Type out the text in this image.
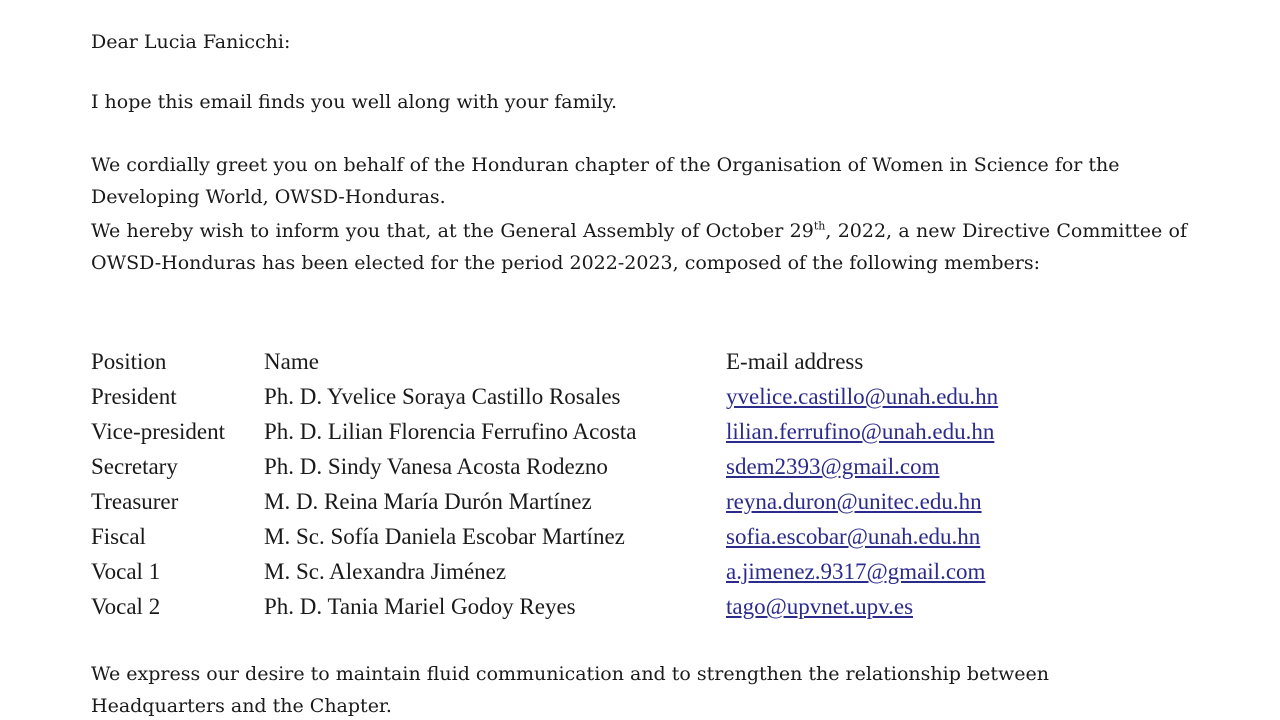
Dear Lucia Fanicchi:

I hope this email finds you well along with your family.

We cordially greet you on behalf of the Honduran chapter of the Organisation of Women in Science for the Developing World, OWSD-Honduras.

We hereby wish to inform you that, at the General Assembly of October 29th, 2022, a new Directive Committee of OWSD-Honduras has been elected for the period 2022-2023, composed of the following members:

Position	Name	E-mail address
President	Ph. D. Yvelice Soraya Castillo Rosales	yvelice.castillo@unah.edu.hn
Vice-president	Ph. D. Lilian Florencia Ferrufino Acosta	lilian.ferrufino@unah.edu.hn
Secretary	Ph. D. Sindy Vanesa Acosta Rodezno	sdem2393@gmail.com
Treasurer	M. D. Reina María Durón Martínez	reyna.duron@unitec.edu.hn
Fiscal	M. Sc. Sofía Daniela Escobar Martínez	sofia.escobar@unah.edu.hn
Vocal 1	M. Sc. Alexandra Jiménez	a.jimenez.9317@gmail.com
Vocal 2	Ph. D. Tania Mariel Godoy Reyes	tago@upvnet.upv.es

We express our desire to maintain fluid communication and to strengthen the relationship between Headquarters and the Chapter.
